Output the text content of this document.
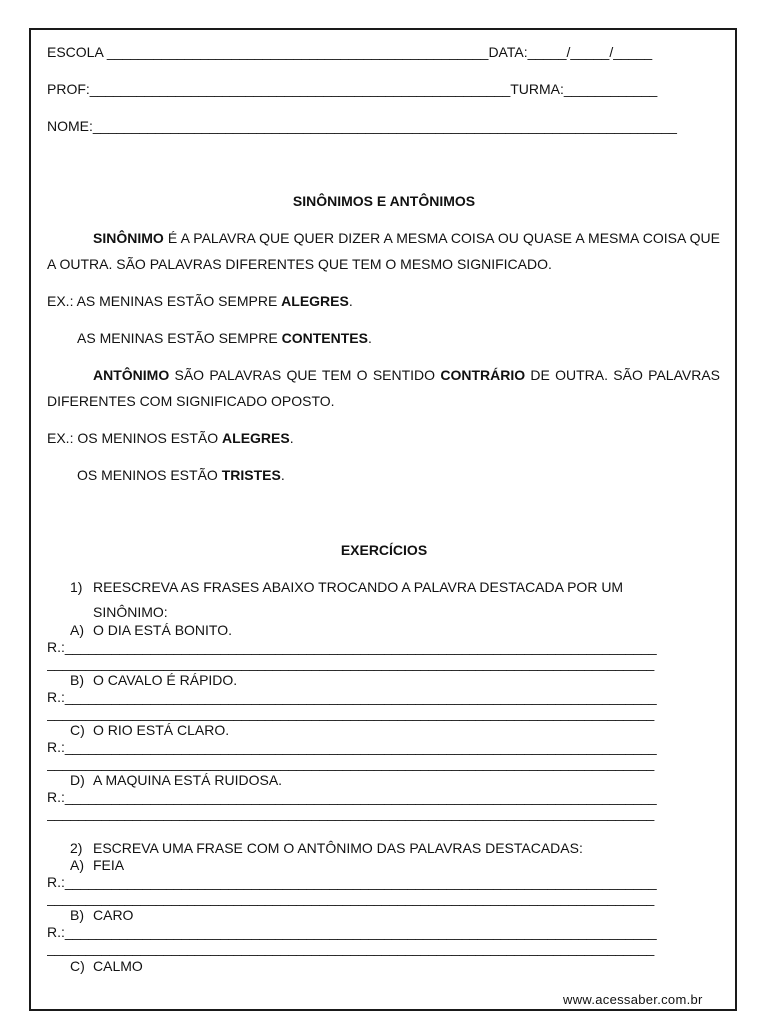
ESCOLA _________________________________________________DATA:_____/_____/_____
PROF:______________________________________________________TURMA:____________
NOME:___________________________________________________________________________
SINÔNIMOS E ANTÔNIMOS
SINÔNIMO É A PALAVRA QUE QUER DIZER A MESMA COISA OU QUASE A MESMA COISA QUE A OUTRA. SÃO PALAVRAS DIFERENTES QUE TEM O MESMO SIGNIFICADO.
EX.: AS MENINAS ESTÃO SEMPRE ALEGRES.
AS MENINAS ESTÃO SEMPRE CONTENTES.
ANTÔNIMO SÃO PALAVRAS QUE TEM O SENTIDO CONTRÁRIO DE OUTRA. SÃO PALAVRAS DIFERENTES COM SIGNIFICADO OPOSTO.
EX.: OS MENINOS ESTÃO ALEGRES.
OS MENINOS ESTÃO TRISTES.
EXERCÍCIOS
1) REESCREVA AS FRASES ABAIXO TROCANDO A PALAVRA DESTACADA POR UM
SINÔNIMO:
A) O DIA ESTÁ BONITO.
R.:____________________________________________________________________________
______________________________________________________________________________
B) O CAVALO É RÁPIDO.
R.:____________________________________________________________________________
______________________________________________________________________________
C) O RIO ESTÁ CLARO.
R.:____________________________________________________________________________
______________________________________________________________________________
D) A MAQUINA ESTÁ RUIDOSA.
R.:____________________________________________________________________________
______________________________________________________________________________
2) ESCREVA UMA FRASE COM O ANTÔNIMO DAS PALAVRAS DESTACADAS:
A) FEIA
R.:____________________________________________________________________________
______________________________________________________________________________
B) CARO
R.:____________________________________________________________________________
______________________________________________________________________________
C) CALMO
www.acessaber.com.br
